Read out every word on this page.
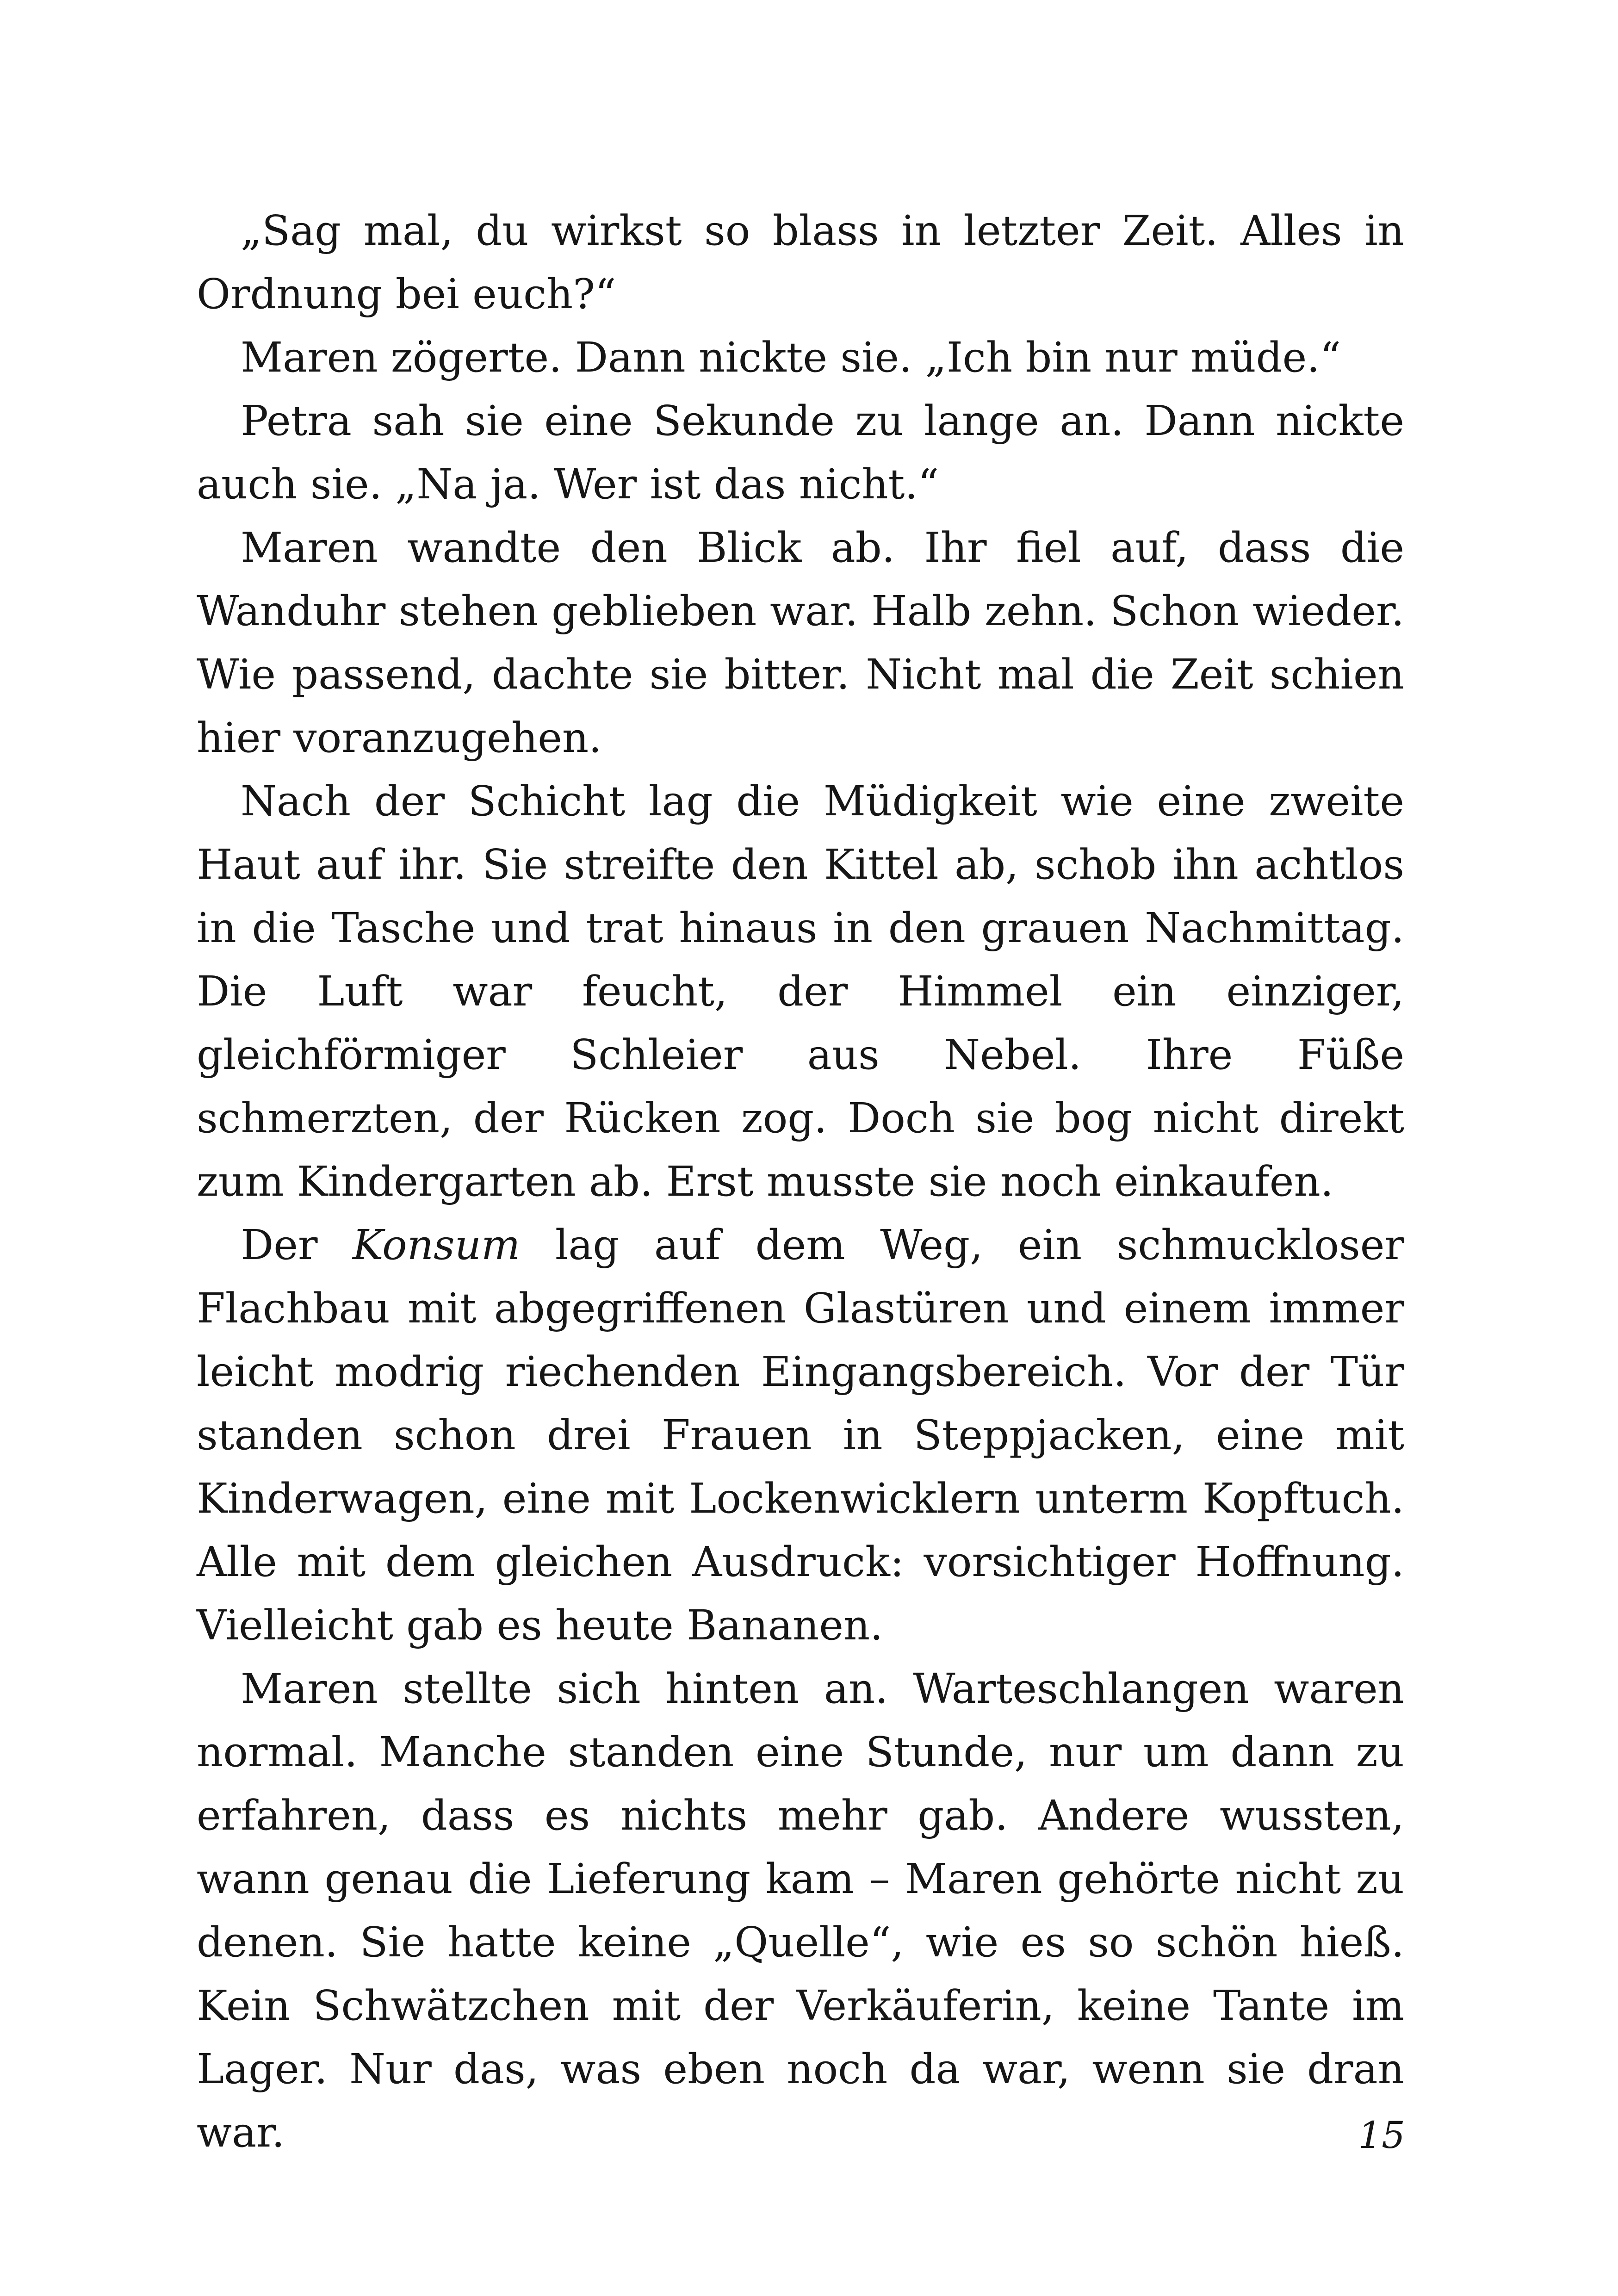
„Sag mal, du wirkst so blass in letzter Zeit. Alles in Ordnung bei euch?“

Maren zögerte. Dann nickte sie. „Ich bin nur müde.“

Petra sah sie eine Sekunde zu lange an. Dann nickte auch sie. „Na ja. Wer ist das nicht.“

Maren wandte den Blick ab. Ihr fiel auf, dass die Wanduhr stehen geblieben war. Halb zehn. Schon wieder. Wie passend, dachte sie bitter. Nicht mal die Zeit schien hier voranzugehen.

Nach der Schicht lag die Müdigkeit wie eine zweite Haut auf ihr. Sie streifte den Kittel ab, schob ihn achtlos in die Tasche und trat hinaus in den grauen Nachmittag. Die Luft war feucht, der Himmel ein einziger, gleichförmiger Schleier aus Nebel. Ihre Füße schmerzten, der Rücken zog. Doch sie bog nicht direkt zum Kindergarten ab. Erst musste sie noch einkaufen.

Der Konsum lag auf dem Weg, ein schmuckloser Flachbau mit abgegriffenen Glastüren und einem immer leicht modrig riechenden Eingangsbereich. Vor der Tür standen schon drei Frauen in Steppjacken, eine mit Kinderwagen, eine mit Lockenwicklern unterm Kopftuch. Alle mit dem gleichen Ausdruck: vorsichtiger Hoffnung. Vielleicht gab es heute Bananen.

Maren stellte sich hinten an. Warteschlangen waren normal. Manche standen eine Stunde, nur um dann zu erfahren, dass es nichts mehr gab. Andere wussten, wann genau die Lieferung kam – Maren gehörte nicht zu denen. Sie hatte keine „Quelle“, wie es so schön hieß. Kein Schwätzchen mit der Verkäuferin, keine Tante im Lager. Nur das, was eben noch da war, wenn sie dran war.	15
